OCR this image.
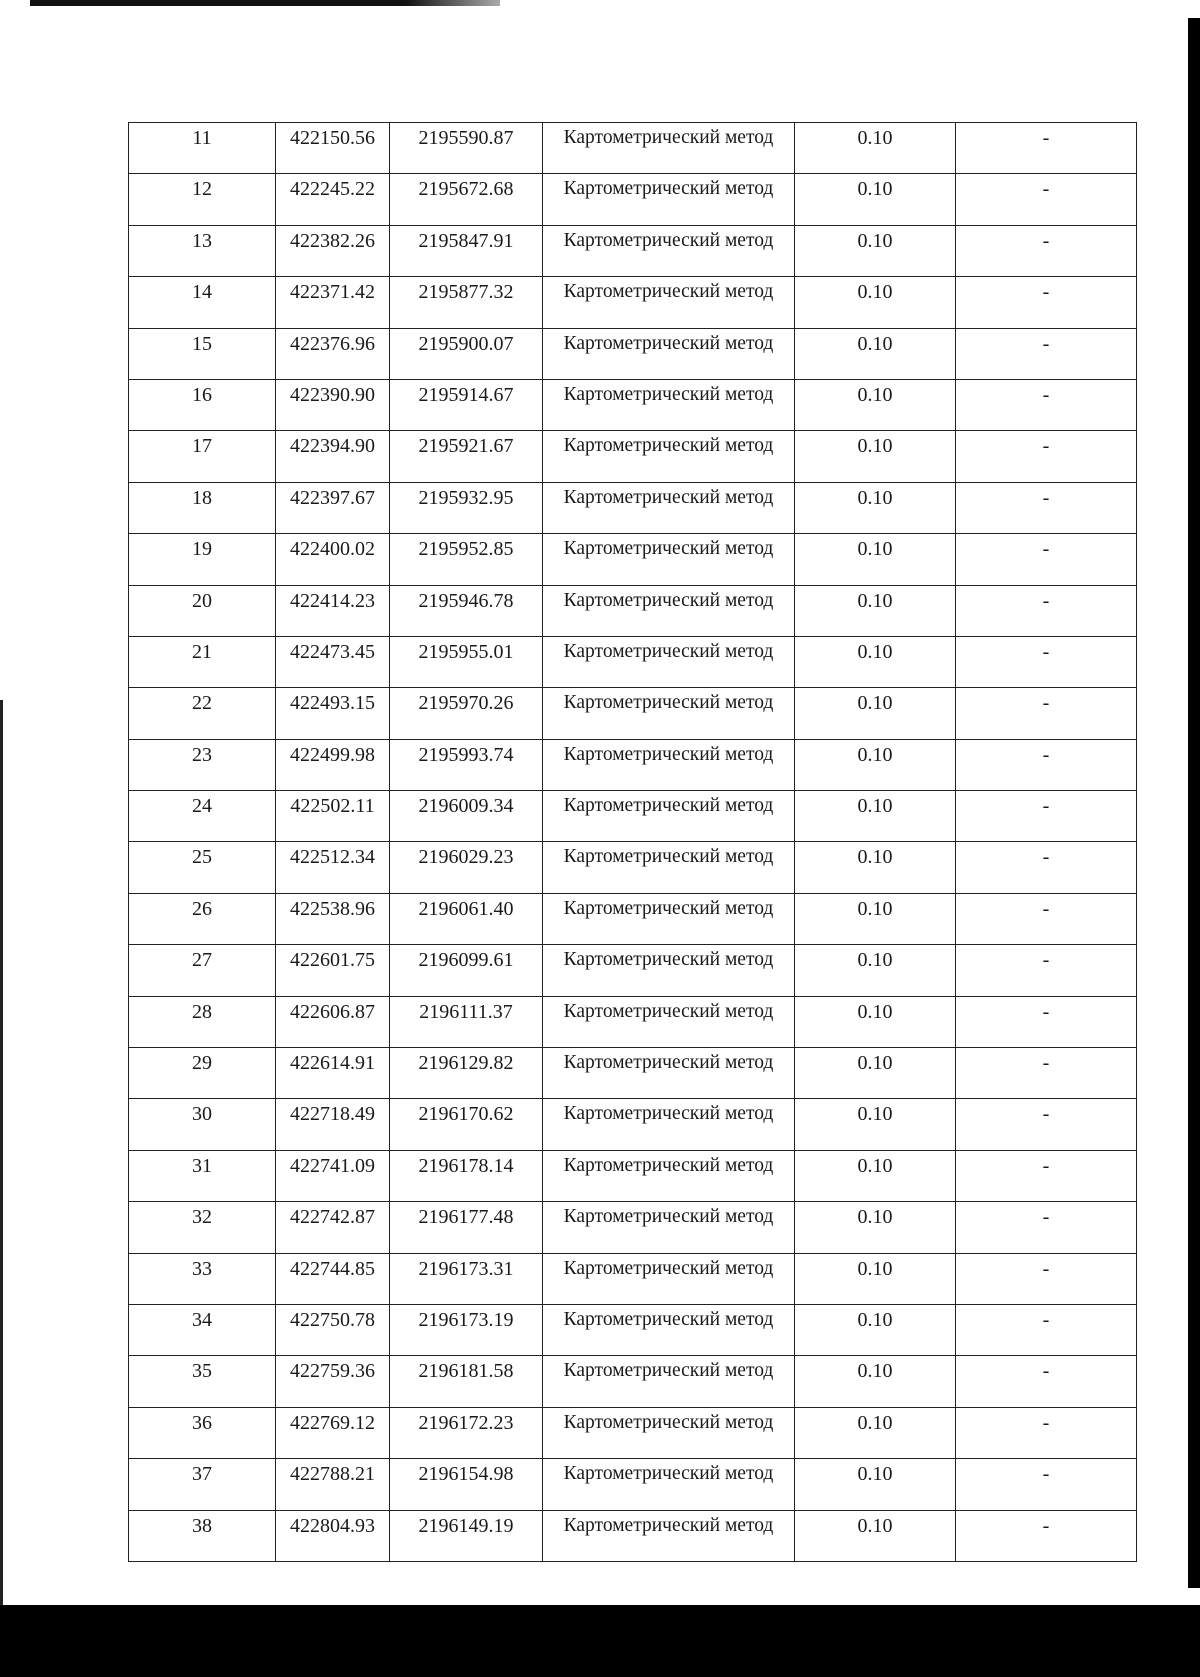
11	422150.56	2195590.87	Картометрический метод	0.10	-
12	422245.22	2195672.68	Картометрический метод	0.10	-
13	422382.26	2195847.91	Картометрический метод	0.10	-
14	422371.42	2195877.32	Картометрический метод	0.10	-
15	422376.96	2195900.07	Картометрический метод	0.10	-
16	422390.90	2195914.67	Картометрический метод	0.10	-
17	422394.90	2195921.67	Картометрический метод	0.10	-
18	422397.67	2195932.95	Картометрический метод	0.10	-
19	422400.02	2195952.85	Картометрический метод	0.10	-
20	422414.23	2195946.78	Картометрический метод	0.10	-
21	422473.45	2195955.01	Картометрический метод	0.10	-
22	422493.15	2195970.26	Картометрический метод	0.10	-
23	422499.98	2195993.74	Картометрический метод	0.10	-
24	422502.11	2196009.34	Картометрический метод	0.10	-
25	422512.34	2196029.23	Картометрический метод	0.10	-
26	422538.96	2196061.40	Картометрический метод	0.10	-
27	422601.75	2196099.61	Картометрический метод	0.10	-
28	422606.87	2196111.37	Картометрический метод	0.10	-
29	422614.91	2196129.82	Картометрический метод	0.10	-
30	422718.49	2196170.62	Картометрический метод	0.10	-
31	422741.09	2196178.14	Картометрический метод	0.10	-
32	422742.87	2196177.48	Картометрический метод	0.10	-
33	422744.85	2196173.31	Картометрический метод	0.10	-
34	422750.78	2196173.19	Картометрический метод	0.10	-
35	422759.36	2196181.58	Картометрический метод	0.10	-
36	422769.12	2196172.23	Картометрический метод	0.10	-
37	422788.21	2196154.98	Картометрический метод	0.10	-
38	422804.93	2196149.19	Картометрический метод	0.10	-
